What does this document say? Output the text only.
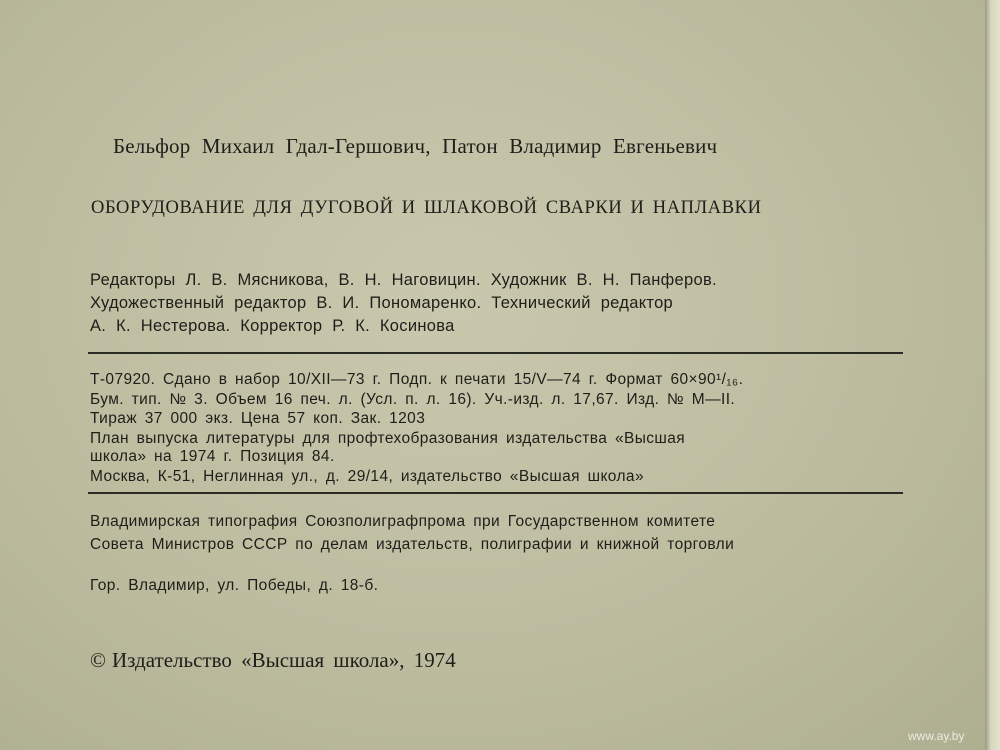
Бельфор Михаил Гдал-Гершович, Патон Владимир Евгеньевич
ОБОРУДОВАНИЕ ДЛЯ ДУГОВОЙ И ШЛАКОВОЙ СВАРКИ И НАПЛАВКИ
Редакторы Л. В. Мясникова, В. Н. Наговицин. Художник В. Н. Панферов.
Художественный редактор В. И. Пономаренко. Технический редактор
А. К. Нестерова. Корректор Р. К. Косинова
Т-07920. Сдано в набор 10/XII—73 г. Подп. к печати 15/V—74 г. Формат 60×90¹/₁₆.
Бум. тип. № 3. Объем 16 печ. л. (Усл. п. л. 16). Уч.-изд. л. 17,67. Изд. № М—II.
Тираж 37 000 экз. Цена 57 коп. Зак. 1203
План выпуска литературы для профтехобразования издательства «Высшая
школа» на 1974 г. Позиция 84.
Москва, К-51, Неглинная ул., д. 29/14, издательство «Высшая школа»
Владимирская типография Союзполиграфпрома при Государственном комитете
Совета Министров СССР по делам издательств, полиграфии и книжной торговли
Гор. Владимир, ул. Победы, д. 18-б.
© Издательство «Высшая школа», 1974
www.ay.by
